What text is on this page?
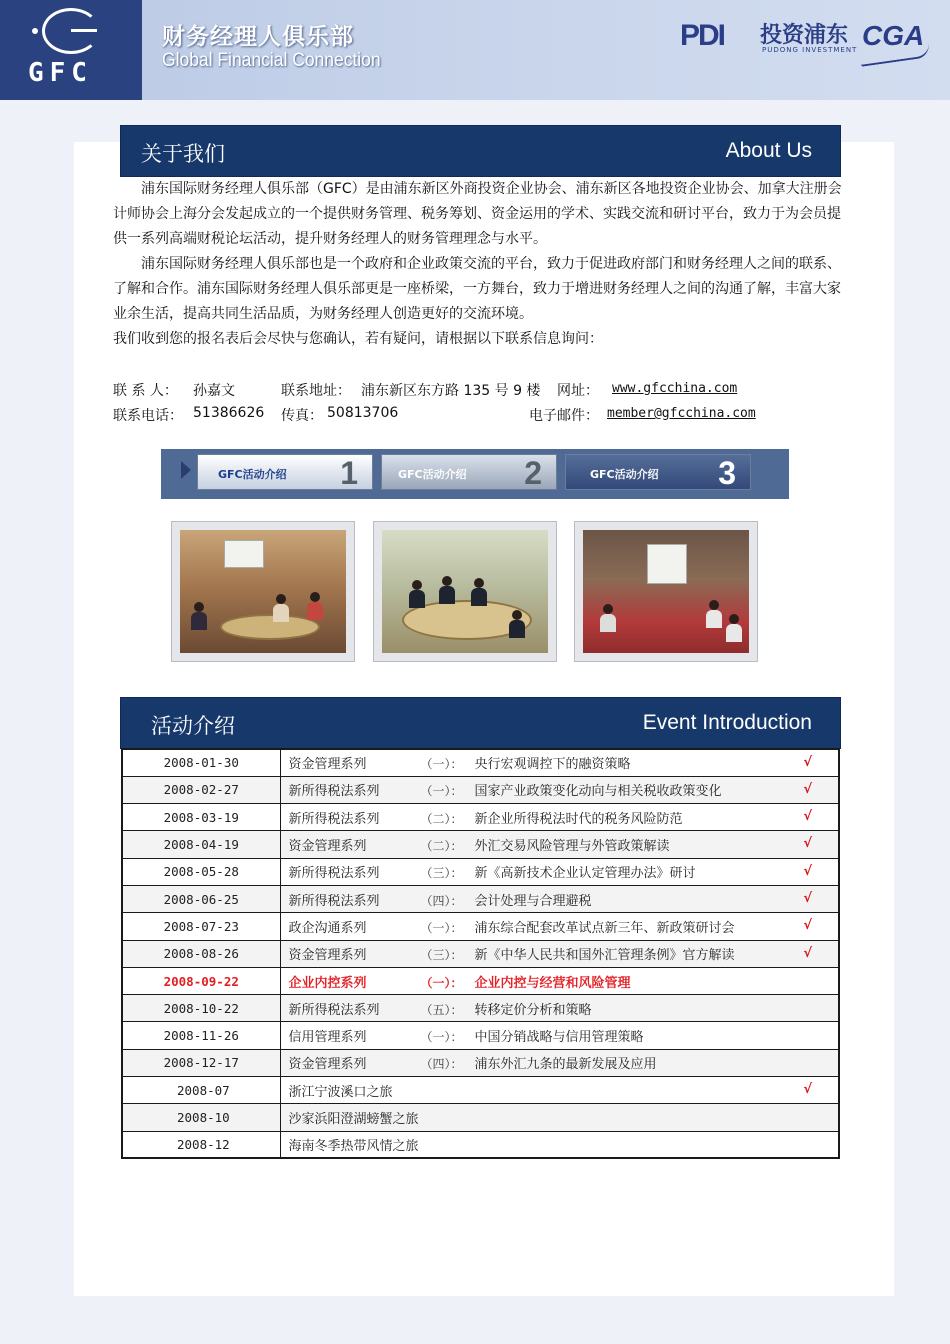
GFC
财务经理人俱乐部
Global Financial Connection
PDI	投资浦东
PUDONG INVESTMENT CGA
关于我们	About Us

浦东国际财务经理人俱乐部（GFC）是由浦东新区外商投资企业协会、浦东新区各地投资企业协会、加拿大注册会计师协会上海分会发起成立的一个提供财务管理、税务筹划、资金运用的学术、实践交流和研讨平台，致力于为会员提供一系列高端财税论坛活动，提升财务经理人的财务管理理念与水平。

浦东国际财务经理人俱乐部也是一个政府和企业政策交流的平台，致力于促进政府部门和财务经理人之间的联系、了解和合作。浦东国际财务经理人俱乐部更是一座桥梁，一方舞台，致力于增进财务经理人之间的沟通了解，丰富大家业余生活，提高共同生活品质，为财务经理人创造更好的交流环境。

我们收到您的报名表后会尽快与您确认，若有疑问，请根据以下联系信息询问：

联 系 人： 孙嘉文	联系地址： 浦东新区东方路 135 号 9 楼 网址： www.gfcchina.com
联系电话： 51386626 传真： 50813706	电子邮件： member@gfcchina.com
GFC活动介绍 1	GFC活动介绍 2	GFC活动介绍 3
活动介绍	Event Introduction
2008-01-30	资金管理系列 （一）： 央行宏观调控下的融资策略 √

2008-02-27	新所得税法系列 （一）： 国家产业政策变化动向与相关税收政策变化 √

2008-03-19	新所得税法系列 （二）： 新企业所得税法时代的税务风险防范 √

2008-04-19	资金管理系列 （二）： 外汇交易风险管理与外管政策解读 √

2008-05-28	新所得税法系列 （三）： 新《高新技术企业认定管理办法》研讨 √

2008-06-25	新所得税法系列 （四）： 会计处理与合理避税 √

2008-07-23	政企沟通系列 （一）： 浦东综合配套改革试点新三年、新政策研讨会 √

2008-08-26	资金管理系列 （三）： 新《中华人民共和国外汇管理条例》官方解读 √

2008-09-22	企业内控系列 （一）： 企业内控与经营和风险管理

2008-10-22	新所得税法系列 （五）： 转移定价分析和策略

2008-11-26	信用管理系列 （一）： 中国分销战略与信用管理策略

2008-12-17	资金管理系列 （四）： 浦东外汇九条的最新发展及应用

2008-07	浙江宁波溪口之旅 √

2008-10	沙家浜阳澄湖螃蟹之旅

2008-12	海南冬季热带风情之旅
